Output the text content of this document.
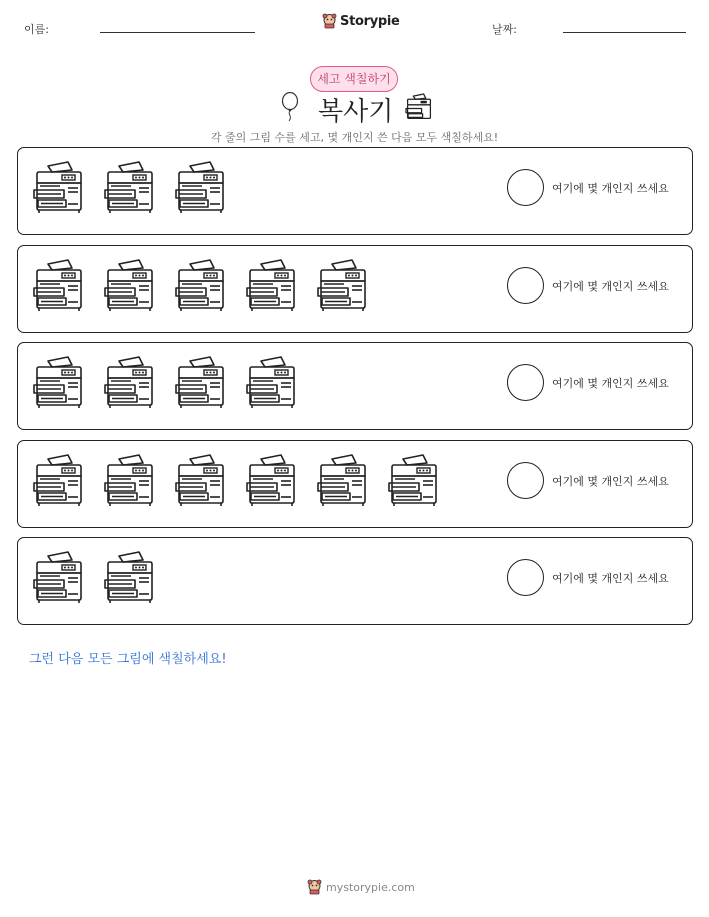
이름:
Storypie
날짜:
세고 색칠하기
복사기
각 줄의 그림 수를 세고, 몇 개인지 쓴 다음 모두 색칠하세요!
여기에 몇 개인지 쓰세요
여기에 몇 개인지 쓰세요
여기에 몇 개인지 쓰세요
여기에 몇 개인지 쓰세요
여기에 몇 개인지 쓰세요
그런 다음 모든 그림에 색칠하세요!
mystorypie.com
